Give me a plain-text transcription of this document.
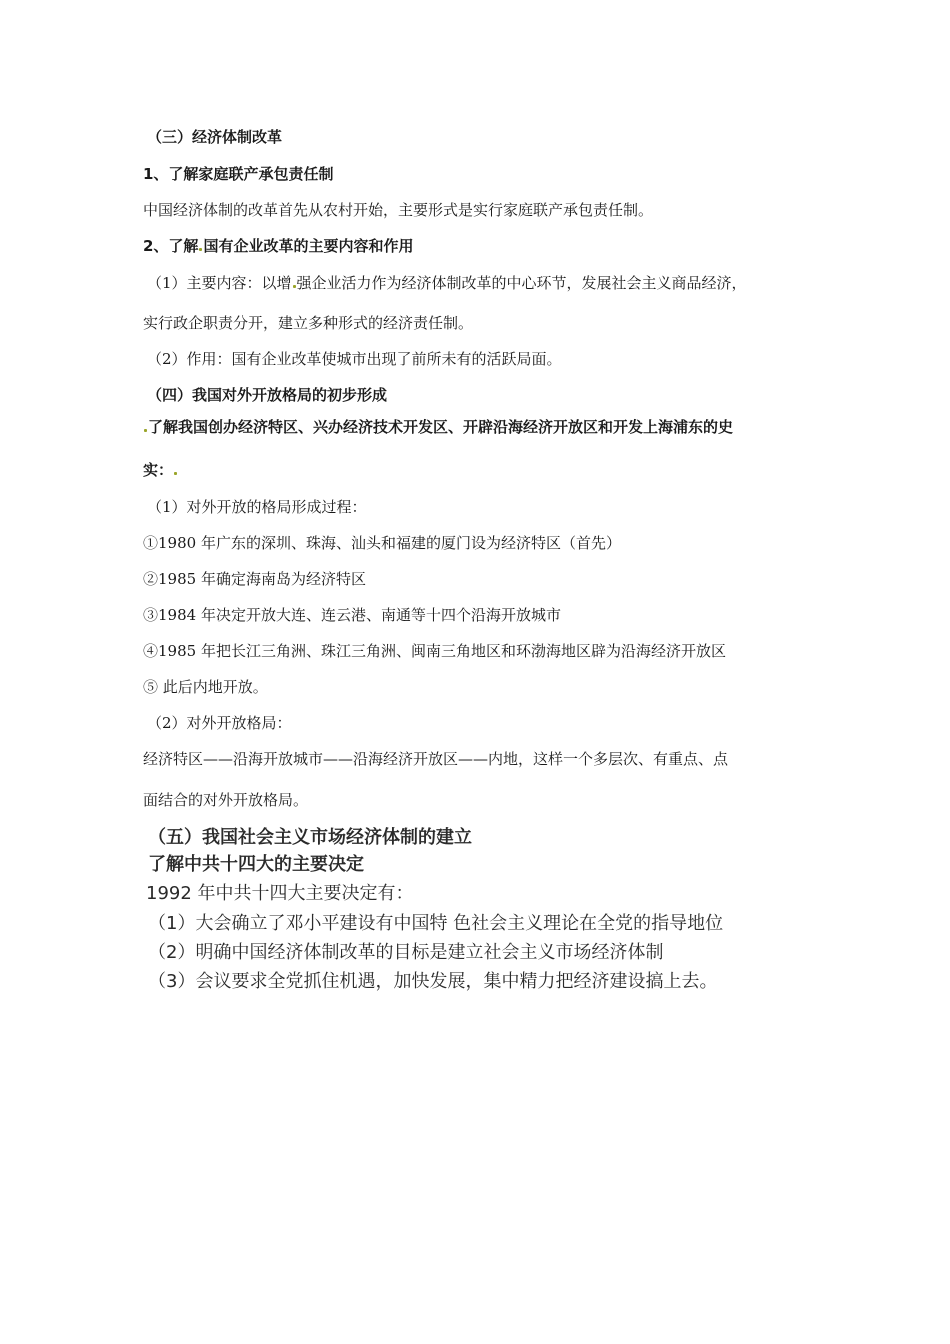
（三）经济体制改革
1、了解家庭联产承包责任制
中国经济体制的改革首先从农村开始，主要形式是实行家庭联产承包责任制。
2、了解 国有企业改革的主要内容和作用
（1）主要内容：以增 强企业活力作为经济体制改革的中心环节，发展社会主义商品经济，
实行政企职责分开，建立多种形式的经济责任制。
（2）作用：国有企业改革使城市出现了前所未有的活跃局面。
（四）我国对外开放格局的初步形成
了解我国创办经济特区、兴办经济技术开发区、开辟沿海经济开放区和开发上海浦东的史
实：
（1）对外开放的格局形成过程：
①1980 年广东的深圳、珠海、汕头和福建的厦门设为经济特区（首先）
②1985 年确定海南岛为经济特区
③1984 年决定开放大连、连云港、南通等十四个沿海开放城市
④1985 年把长江三角洲、珠江三角洲、闽南三角地区和环渤海地区辟为沿海经济开放区
⑤ 此后内地开放。
（2）对外开放格局：
经济特区——沿海开放城市——沿海经济开放区——内地，这样一个多层次、有重点、点
面结合的对外开放格局。
（五）我国社会主义市场经济体制的建立
了解中共十四大的主要决定
1992 年中共十四大主要决定有：
（1）大会确立了邓小平建设有中国特 色社会主义理论在全党的指导地位
（2）明确中国经济体制改革的目标是建立社会主义市场经济体制
（3）会议要求全党抓住机遇，加快发展，集中精力把经济建设搞上去。
